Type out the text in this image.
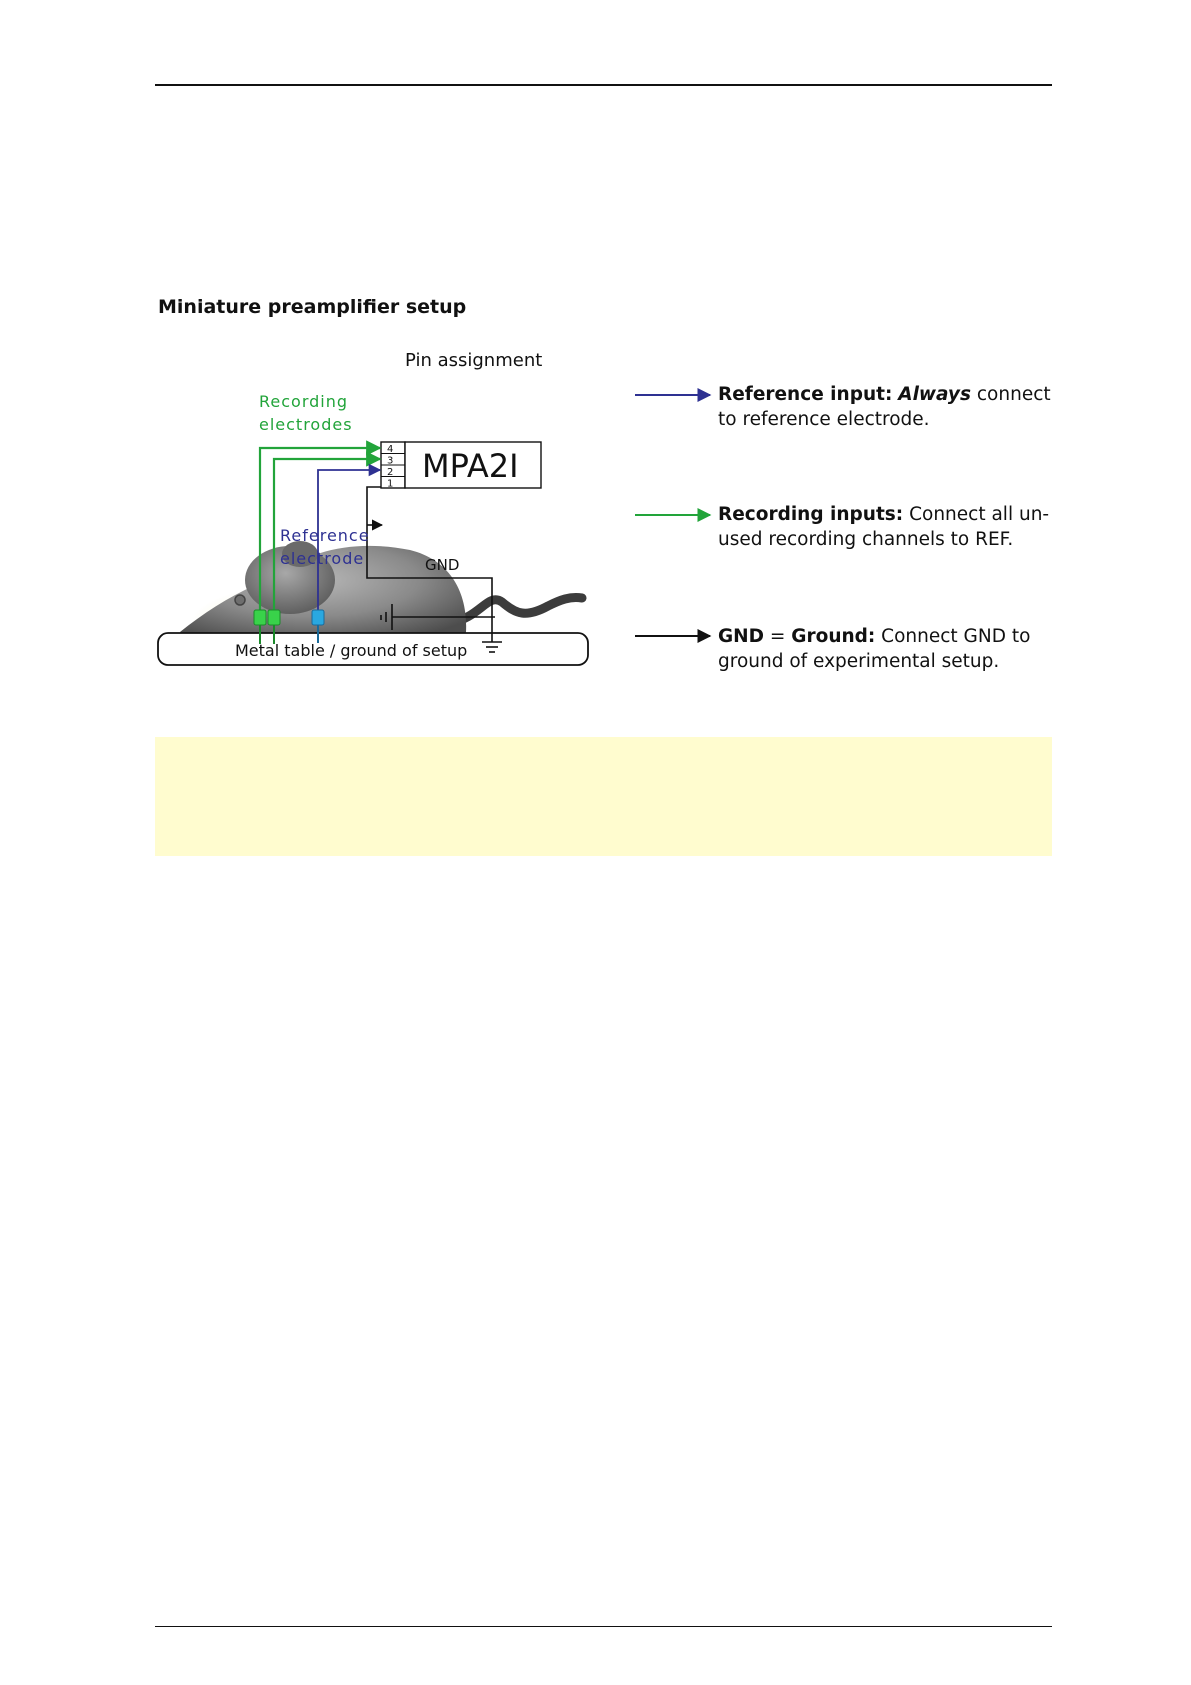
Miniature preamplifier setup
Metal table / ground of setup
GND
4
3
2
1 MPA2I
Pin assignment
Recording
electrodes
Reference
electrode
Reference input: Always connect
to reference electrode.
Recording inputs: Connect all un-
used recording channels to REF.
GND = Ground: Connect GND to
ground of experimental setup.
